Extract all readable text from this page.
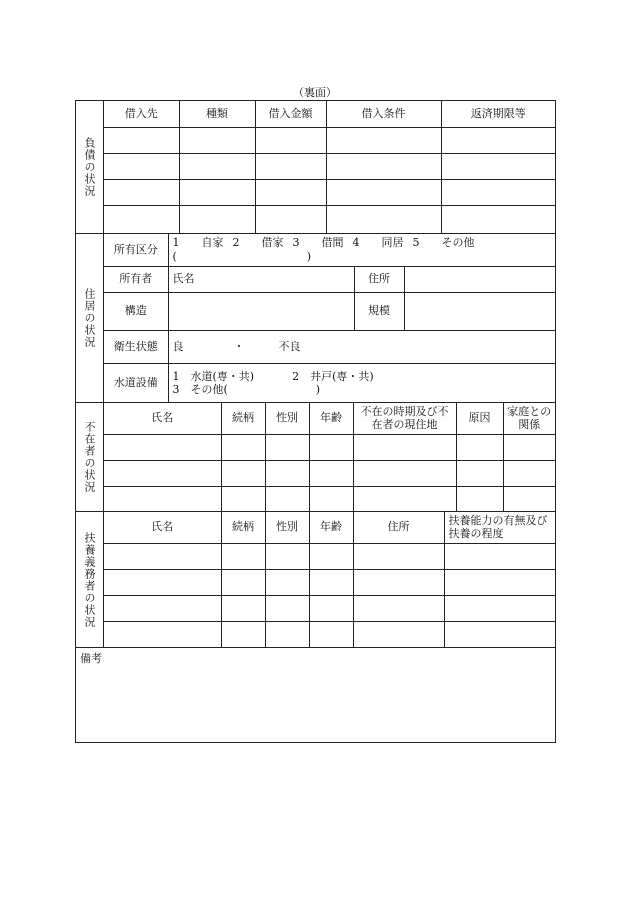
（裏面）
負債の状況
借入先	種類	借入金額	借入条件	返済期限等

住居の状況
所有区分	1 自家 2 借家 3 借間 4 同居 5 その他
( )		

所有者	氏名	住所	
構造		規模	
衛生状態	良 ・ 不良		
水道設備	1　水道(専・共) 2　井戸(専・共)
3　その他( )		
不在者の状況
氏名	続柄	性別	年齢	不在の時期及び不在者の現住地	原因	家庭との関係

扶養義務者の状況
氏名	続柄	性別	年齢	住所	扶養能力の有無及び扶養の程度

備考
